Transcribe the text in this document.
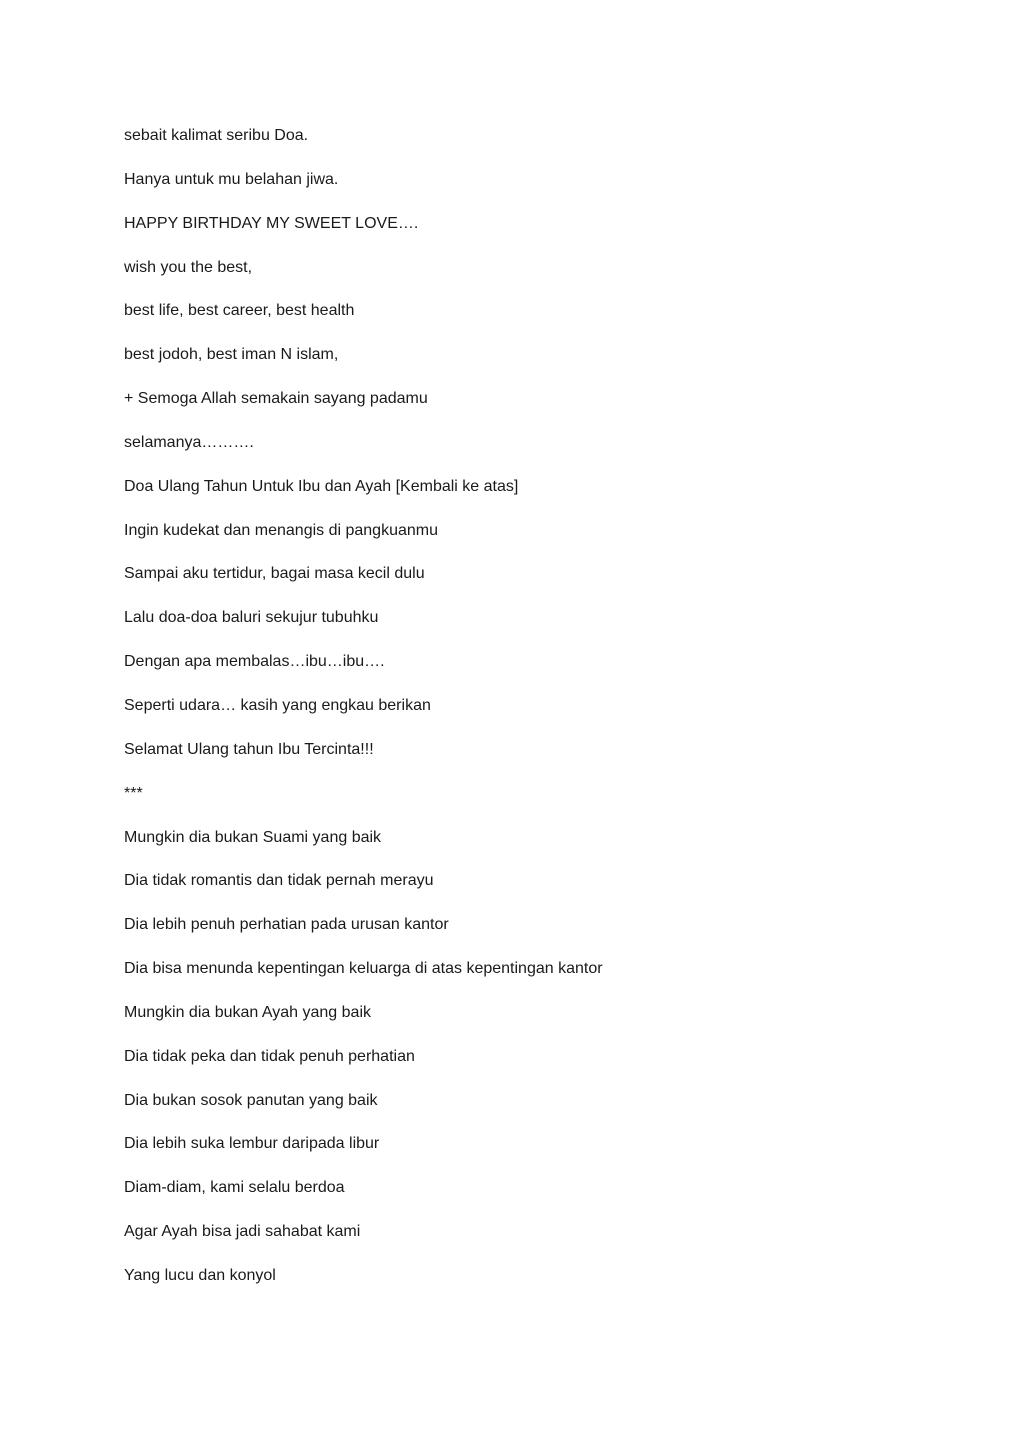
sebait kalimat seribu Doa.
Hanya untuk mu belahan jiwa.
HAPPY BIRTHDAY MY SWEET LOVE….
wish you the best,
best life, best career, best health
best jodoh, best iman N islam,
+ Semoga Allah semakain sayang padamu
selamanya……….
Doa Ulang Tahun Untuk Ibu dan Ayah [Kembali ke atas]
Ingin kudekat dan menangis di pangkuanmu
Sampai aku tertidur, bagai masa kecil dulu
Lalu doa-doa baluri sekujur tubuhku
Dengan apa membalas…ibu…ibu….
Seperti udara… kasih yang engkau berikan
Selamat Ulang tahun Ibu Tercinta!!!
***
Mungkin dia bukan Suami yang baik
Dia tidak romantis dan tidak pernah merayu
Dia lebih penuh perhatian pada urusan kantor
Dia bisa menunda kepentingan keluarga di atas kepentingan kantor
Mungkin dia bukan Ayah yang baik
Dia tidak peka dan tidak penuh perhatian
Dia bukan sosok panutan yang baik
Dia lebih suka lembur daripada libur
Diam-diam, kami selalu berdoa
Agar Ayah bisa jadi sahabat kami
Yang lucu dan konyol
